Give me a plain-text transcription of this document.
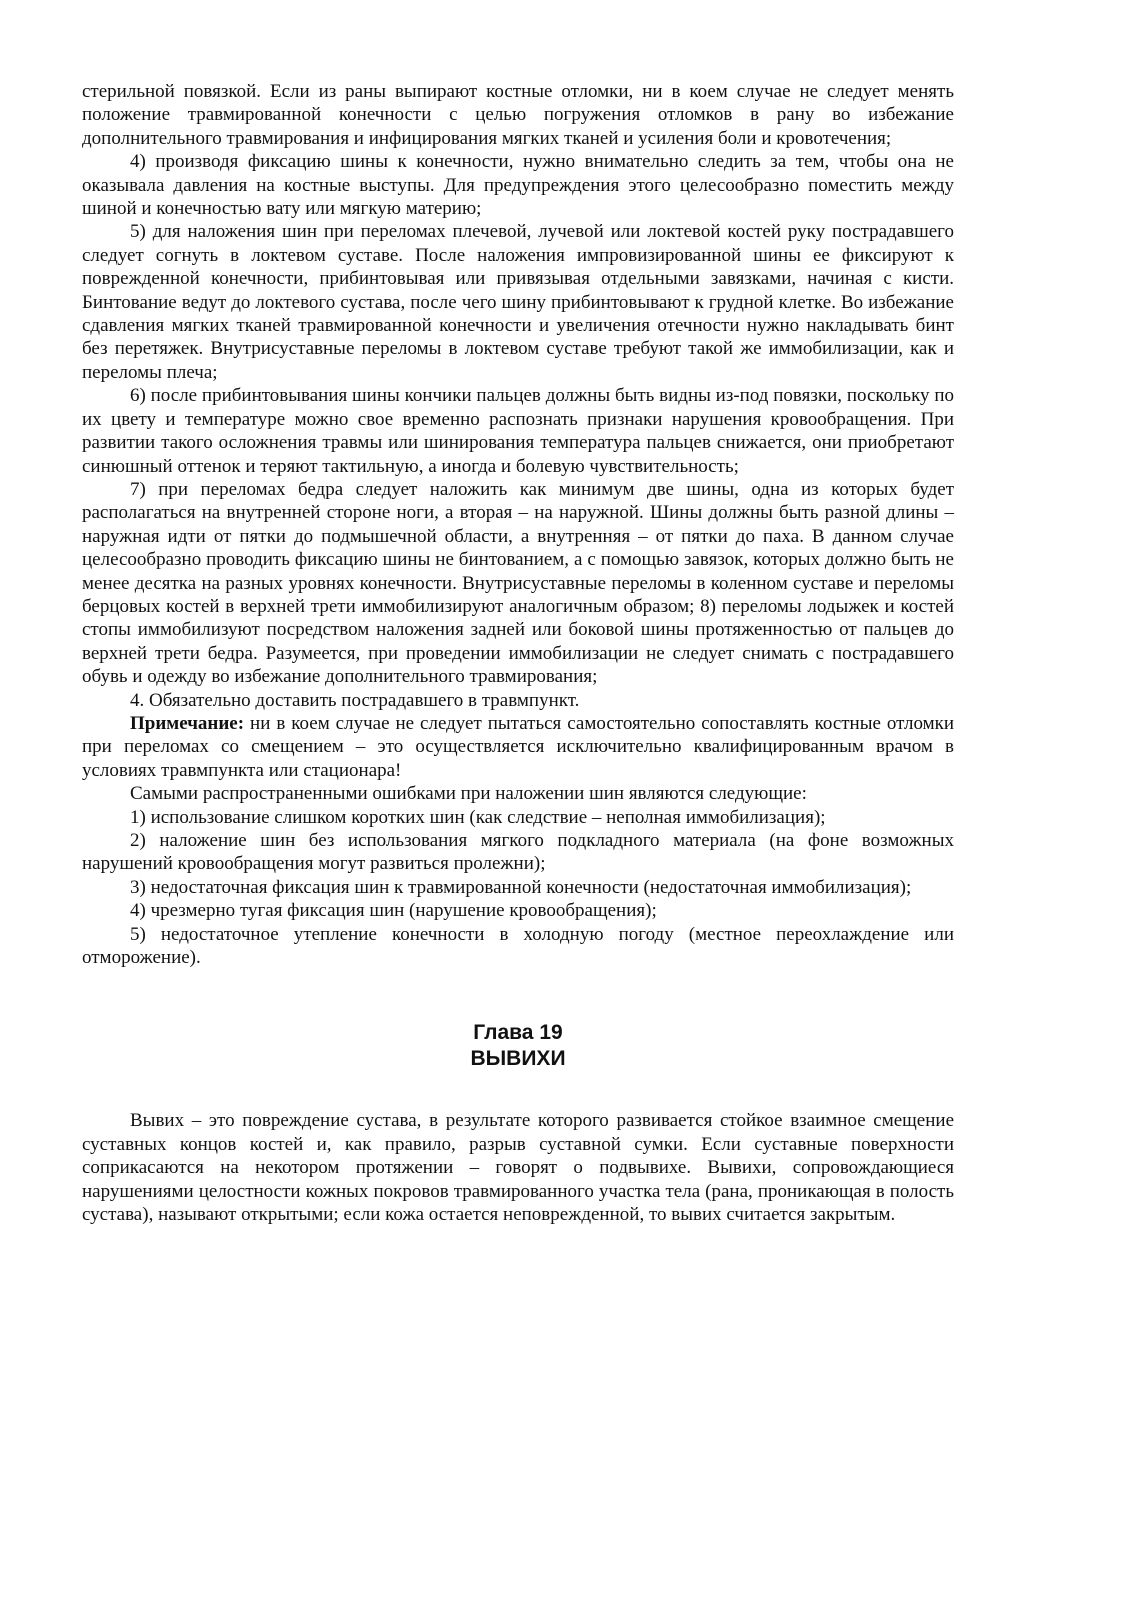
стерильной повязкой. Если из раны выпирают костные отломки, ни в коем случае не следует менять положение травмированной конечности с целью погружения отломков в рану во избежание дополнительного травмирования и инфицирования мягких тканей и усиления боли и кровотечения;

4) производя фиксацию шины к конечности, нужно внимательно следить за тем, чтобы она не оказывала давления на костные выступы. Для предупреждения этого целесообразно поместить между шиной и конечностью вату или мягкую материю;

5) для наложения шин при переломах плечевой, лучевой или локтевой костей руку пострадавшего следует согнуть в локтевом суставе. После наложения импровизированной шины ее фиксируют к поврежденной конечности, прибинтовывая или привязывая отдельными завязками, начиная с кисти. Бинтование ведут до локтевого сустава, после чего шину прибинтовывают к грудной клетке. Во избежание сдавления мягких тканей травмированной конечности и увеличения отечности нужно накладывать бинт без перетяжек. Внутрисуставные переломы в локтевом суставе требуют такой же иммобилизации, как и переломы плеча;

6) после прибинтовывания шины кончики пальцев должны быть видны из-под повязки, поскольку по их цвету и температуре можно свое временно распознать признаки нарушения кровообращения. При развитии такого осложнения травмы или шинирования температура пальцев снижается, они приобретают синюшный оттенок и теряют тактильную, а иногда и болевую чувствительность;

7) при переломах бедра следует наложить как минимум две шины, одна из которых будет располагаться на внутренней стороне ноги, а вторая – на наружной. Шины должны быть разной длины – наружная идти от пятки до подмышечной области, а внутренняя – от пятки до паха. В данном случае целесообразно проводить фиксацию шины не бинтованием, а с помощью завязок, которых должно быть не менее десятка на разных уровнях конечности. Внутрисуставные переломы в коленном суставе и переломы берцовых костей в верхней трети иммобилизируют аналогичным образом; 8) переломы лодыжек и костей стопы иммобилизуют посредством наложения задней или боковой шины протяженностью от пальцев до верхней трети бедра. Разумеется, при проведении иммобилизации не следует снимать с пострадавшего обувь и одежду во избежание дополнительного травмирования;

4. Обязательно доставить пострадавшего в травмпункт.

Примечание: ни в коем случае не следует пытаться самостоятельно сопоставлять костные отломки при переломах со смещением – это осуществляется исключительно квалифицированным врачом в условиях травмпункта или стационара!

Самыми распространенными ошибками при наложении шин являются следующие:

1) использование слишком коротких шин (как следствие – неполная иммобилизация);

2) наложение шин без использования мягкого подкладного материала (на фоне возможных нарушений кровообращения могут развиться пролежни);

3) недостаточная фиксация шин к травмированной конечности (недостаточная иммобилизация);

4) чрезмерно тугая фиксация шин (нарушение кровообращения);

5) недостаточное утепление конечности в холодную погоду (местное переохлаждение или отморожение).

Глава 19
ВЫВИХИ

Вывих – это повреждение сустава, в результате которого развивается стойкое взаимное смещение суставных концов костей и, как правило, разрыв суставной сумки. Если суставные поверхности соприкасаются на некотором протяжении – говорят о подвывихе. Вывихи, сопровождающиеся нарушениями целостности кожных покровов травмированного участка тела (рана, проникающая в полость сустава), называют открытыми; если кожа остается неповрежденной, то вывих считается закрытым.
